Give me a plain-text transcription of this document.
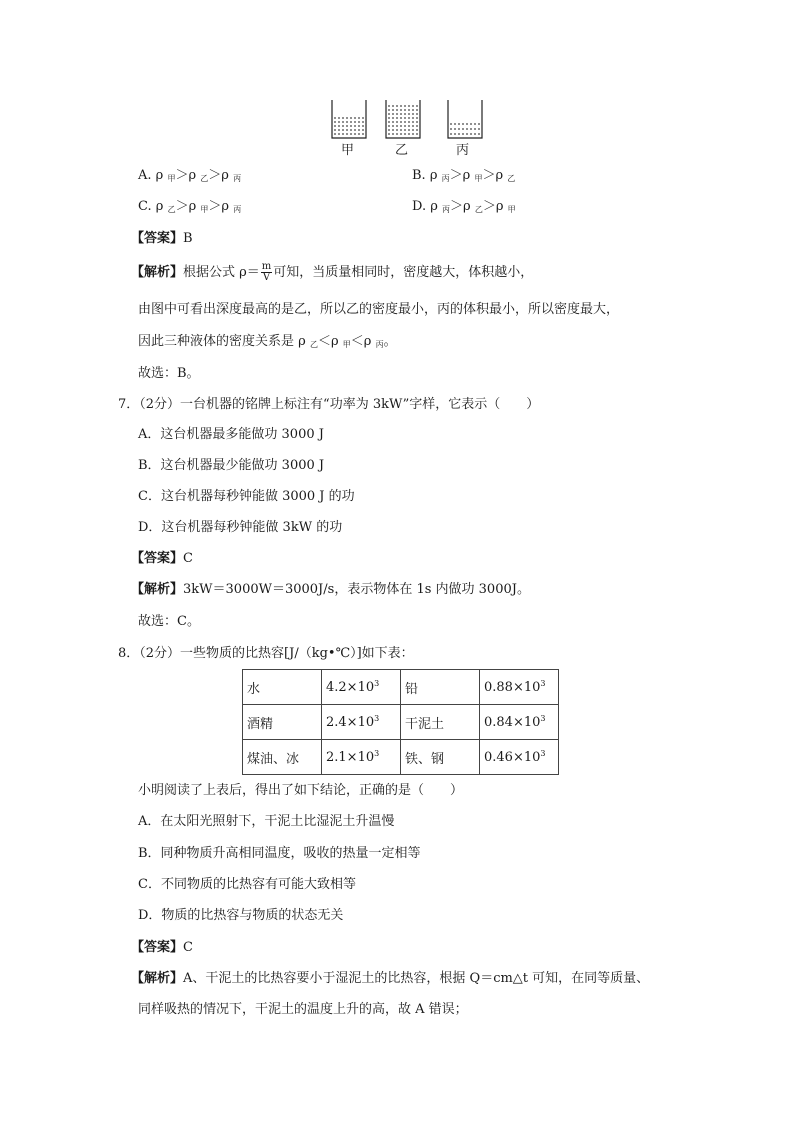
甲	乙	丙
A. ρ $_甲$＞ρ $_乙$＞ρ $_丙$	B. ρ $_丙$＞ρ $_甲$＞ρ $_乙$
C. ρ $_乙$＞ρ $_甲$＞ρ $_丙$	D. ρ $_丙$＞ρ $_乙$＞ρ $_甲$
【答案】B
【解析】根据公式 $\rho= \frac{m}{V}$ 可知，当质量相同时，密度越大，体积越小，
由图中可看出深度最高的是乙，所以乙的密度最小，丙的体积最小，所以密度最大，
因此三种液体的密度关系是 ρ $_乙$＜ρ $_甲$＜ρ $_丙$。
故选：B。
7．（2分）一台机器的铭牌上标注有“功率为 3kW”字样，它表示（　　）
A．这台机器最多能做功 3000 J
B．这台机器最少能做功 3000 J
C．这台机器每秒钟能做 3000 J 的功
D．这台机器每秒钟能做 3kW 的功
【答案】C
【解析】3kW＝3000W＝3000J/s，表示物体在 1s 内做功 3000J。
故选：C。
8．（2分）一些物质的比热容[J/（kg•℃）]如下表：
水	$4.2\times 10^3$	铅	$0.88\times 10^3$
酒精	$2.4\times 10^3$	干泥土	$0.84\times 10^3$
煤油、冰	$2.1\times 10^3$	铁、钢	$0.46\times 10^3$
小明阅读了上表后，得出了如下结论，正确的是（　　）
A．在太阳光照射下，干泥土比湿泥土升温慢
B．同种物质升高相同温度，吸收的热量一定相等
C．不同物质的比热容有可能大致相等
D．物质的比热容与物质的状态无关
【答案】C
【解析】A、干泥土的比热容要小于湿泥土的比热容，根据 Q＝cm△t 可知，在同等质量、
同样吸热的情况下，干泥土的温度上升的高，故 A 错误；
